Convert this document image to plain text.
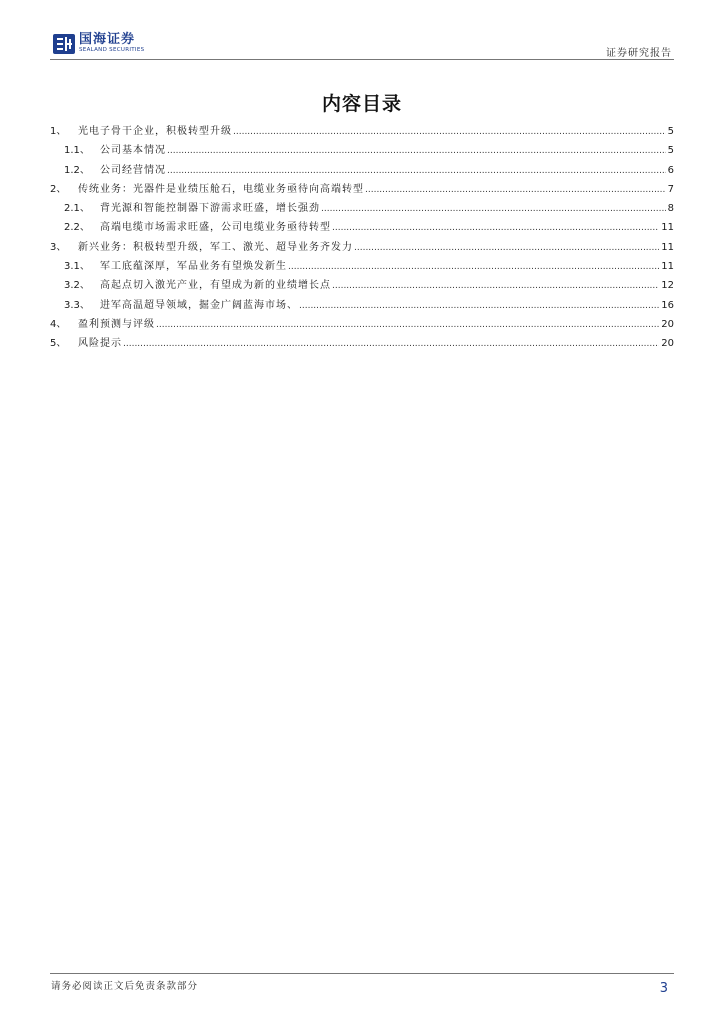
国海证券
SEALAND SECURITIES	证券研究报告
内容目录
1、	光电子骨干企业，积极转型升级 .....	5
1.1、	公司基本情况 .....	5
1.2、	公司经营情况 .....	6
2、	传统业务：光器件是业绩压舱石，电缆业务亟待向高端转型 .....	7
2.1、	背光源和智能控制器下游需求旺盛，增长强劲 .....	8
2.2、	高端电缆市场需求旺盛，公司电缆业务亟待转型 .....	11
3、	新兴业务：积极转型升级，军工、激光、超导业务齐发力 .....	11
3.1、	军工底蕴深厚，军品业务有望焕发新生 .....	11
3.2、	高起点切入激光产业，有望成为新的业绩增长点 .....	12
3.3、	进军高温超导领域，掘金广阔蓝海市场、 .....	16
4、	盈利预测与评级 .....	20
5、	风险提示 .....	20
请务必阅读正文后免责条款部分	3
